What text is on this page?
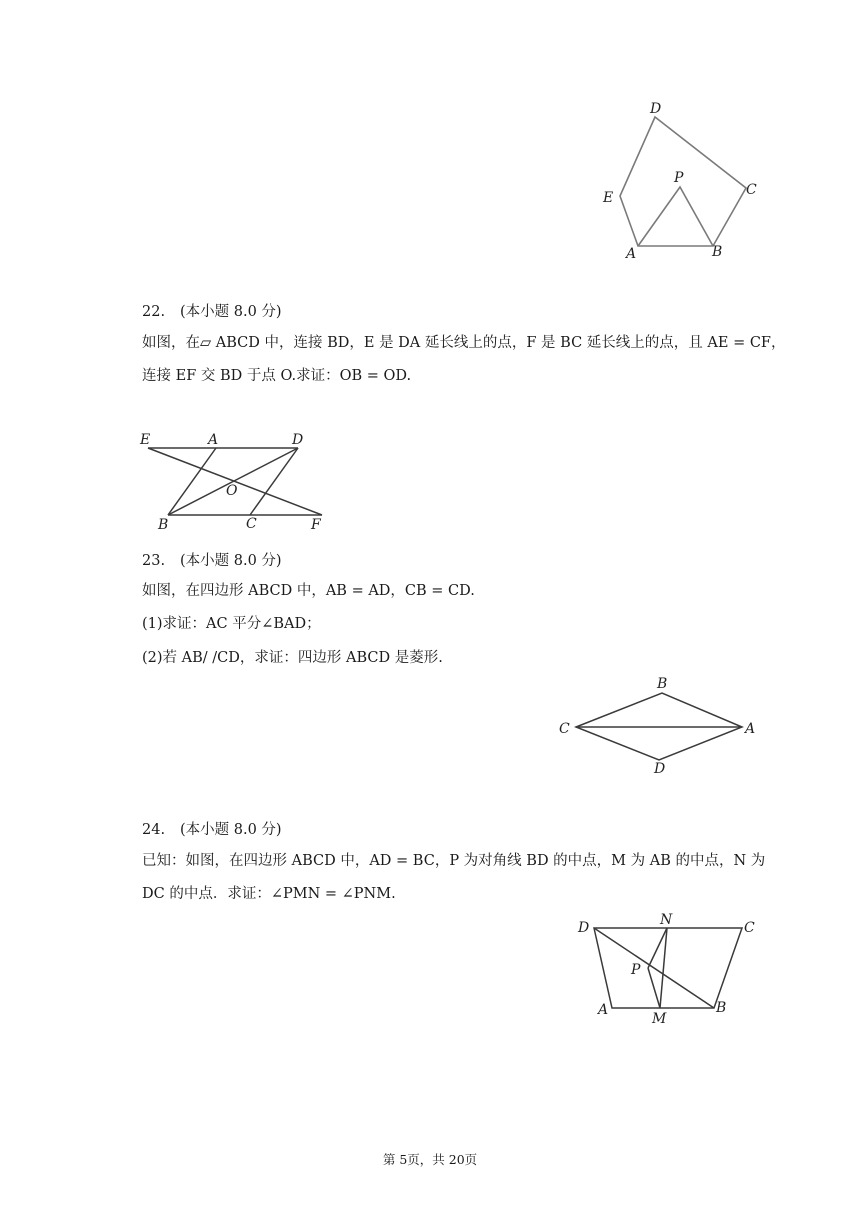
D
E
P
C
A	B
22. (本小题 8.0 分)
如图，在▱ ABCD 中，连接 BD，E 是 DA 延长线上的点，F 是 BC 延长线上的点，且 AE = CF，
连接 EF 交 BD 于点 O.求证：OB = OD.
E	A	D
O
B	C	F
23. (本小题 8.0 分)
如图，在四边形 ABCD 中，AB = AD，CB = CD.
(1)求证：AC 平分∠BAD；
(2)若 AB/ /CD，求证：四边形 ABCD 是菱形.
B
C	A
D
24. (本小题 8.0 分)
已知：如图，在四边形 ABCD 中，AD = BC，P 为对角线 BD 的中点，M 为 AB 的中点，N 为
DC 的中点．求证：∠PMN = ∠PNM.
D	N	C
P
A
M
B
第 5页，共 20页
